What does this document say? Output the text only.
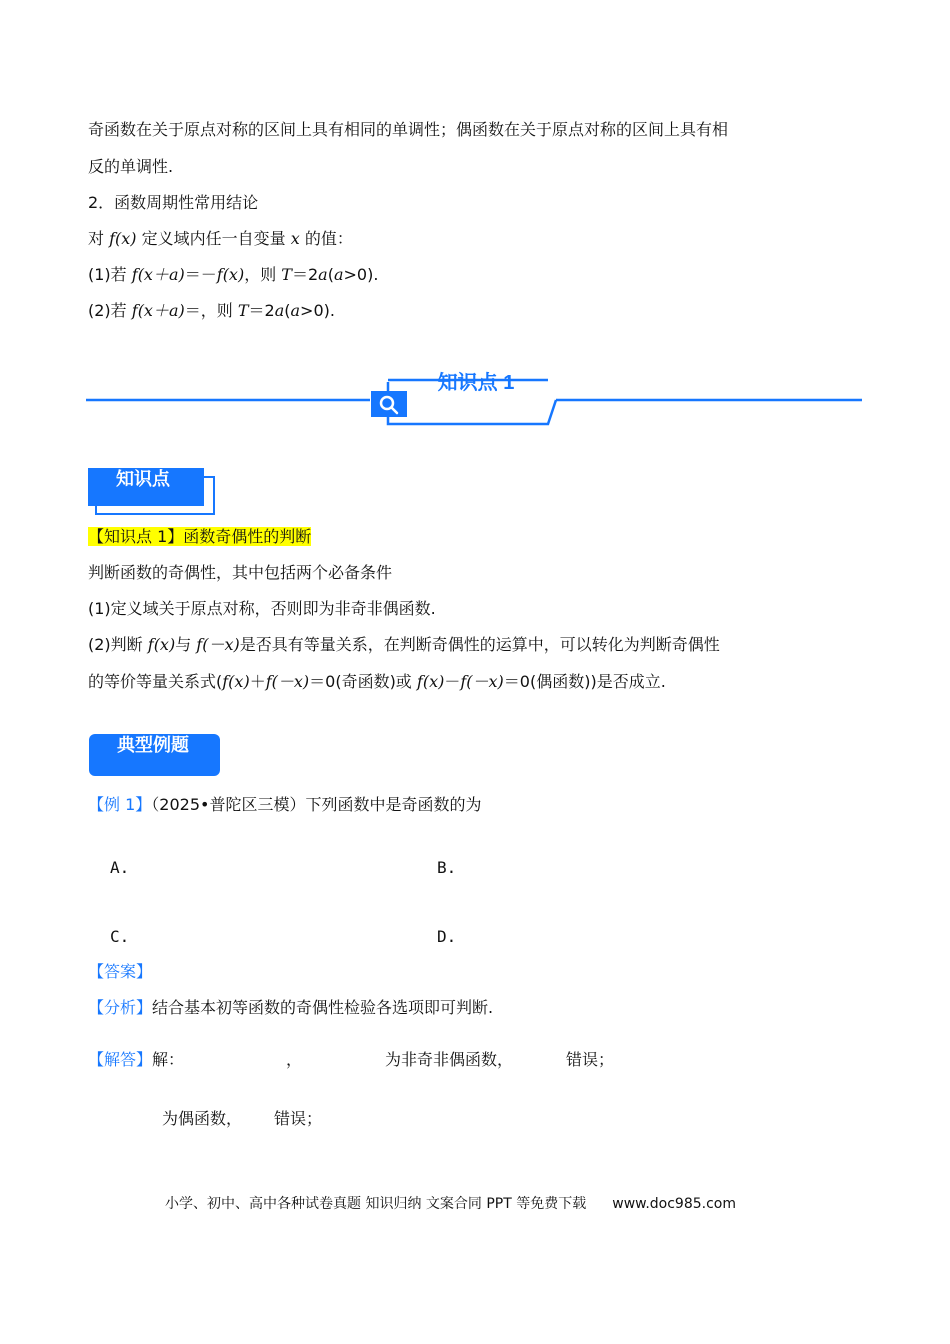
奇函数在关于原点对称的区间上具有相同的单调性；偶函数在关于原点对称的区间上具有相
反的单调性.
2．函数周期性常用结论
对 f(x) 定义域内任一自变量 x 的值：
(1)若 f(x＋a)＝－f(x)，则 T＝2a(a>0).
(2)若 f(x＋a)＝，则 T＝2a(a>0).
知识点 1
知识点
【知识点 1】函数奇偶性的判断
判断函数的奇偶性，其中包括两个必备条件
(1)定义域关于原点对称，否则即为非奇非偶函数.
(2)判断 f(x)与 f(－x)是否具有等量关系，在判断奇偶性的运算中，可以转化为判断奇偶性
的等价等量关系式(f(x)＋f(－x)＝0(奇函数)或 f(x)－f(－x)＝0(偶函数))是否成立.
典型例题
【例 1】（2025•普陀区三模）下列函数中是奇函数的为
A.	B.
C.	D.
【答案】
【分析】结合基本初等函数的奇偶性检验各选项即可判断.
【解答】解：	，	为非奇非偶函数，	错误；
为偶函数， 错误；
小学、初中、高中各种试卷真题 知识归纳 文案合同 PPT 等免费下载 www.doc985.com
